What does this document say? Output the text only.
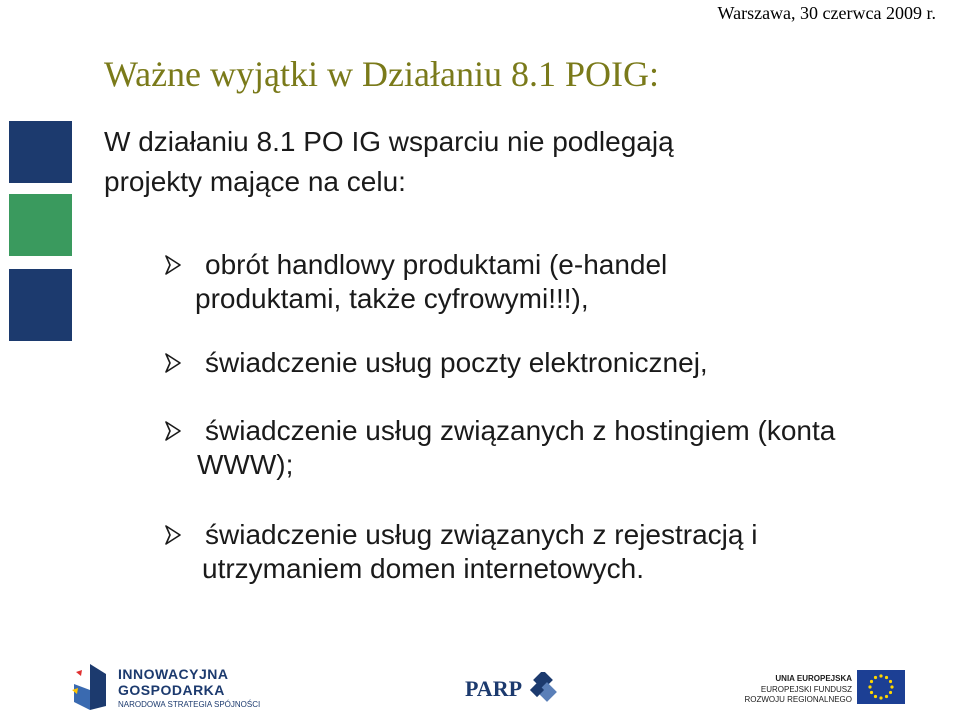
Warszawa, 30 czerwca 2009 r.
Ważne wyjątki w Działaniu 8.1 POIG:
W działaniu 8.1 PO IG wsparciu nie podlegają
projekty mające na celu:
obrót handlowy produktami (e-handel
produktami, także cyfrowymi!!!),
świadczenie usług poczty elektronicznej,
świadczenie usług związanych z hostingiem (konta
WWW);
świadczenie usług związanych z rejestracją i
utrzymaniem domen internetowych.
INNOWACYJNA
GOSPODARKA
NARODOWA STRATEGIA SPÓJNOŚCI
PARP	UNIA EUROPEJSKA
EUROPEJSKI FUNDUSZ
ROZWOJU REGIONALNEGO
